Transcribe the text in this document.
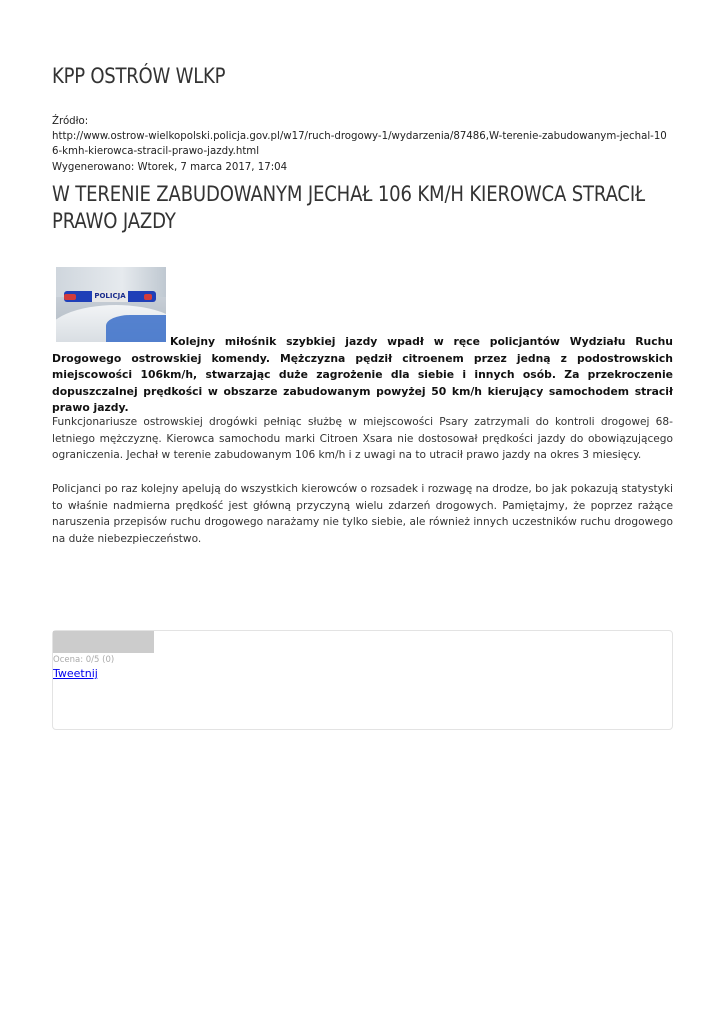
KPP OSTRÓW WLKP
Źródło:
http://www.ostrow-wielkopolski.policja.gov.pl/w17/ruch-drogowy-1/wydarzenia/87486,W-terenie-zabudowanym-jechal-106-kmh-kierowca-stracil-prawo-jazdy.html
Wygenerowano: Wtorek, 7 marca 2017, 17:04
W TERENIE ZABUDOWANYM JECHAŁ 106 KM/H KIEROWCA STRACIŁ PRAWO JAZDY
POLICJA
Kolejny miłośnik szybkiej jazdy wpadł w ręce policjantów Wydziału Ruchu Drogowego ostrowskiej komendy. Mężczyzna pędził citroenem przez jedną z podostrowskich miejscowości 106km/h, stwarzając duże zagrożenie dla siebie i innych osób. Za przekroczenie dopuszczalnej prędkości w obszarze zabudowanym powyżej 50 km/h kierujący samochodem stracił prawo jazdy.
Funkcjonariusze ostrowskiej drogówki pełniąc służbę w miejscowości Psary zatrzymali do kontroli drogowej 68-letniego mężczyznę. Kierowca samochodu marki Citroen Xsara nie dostosował prędkości jazdy do obowiązującego ograniczenia. Jechał w terenie zabudowanym 106 km/h i z uwagi na to utracił prawo jazdy na okres 3 miesięcy.
Policjanci po raz kolejny apelują do wszystkich kierowców o rozsadek i rozwagę na drodze, bo jak pokazują statystyki to właśnie nadmierna prędkość jest główną przyczyną wielu zdarzeń drogowych. Pamiętajmy, że poprzez rażące naruszenia przepisów ruchu drogowego narażamy nie tylko siebie, ale również innych uczestników ruchu drogowego na duże niebezpieczeństwo.
Ocena: 0/5 (0)
Tweetnij
